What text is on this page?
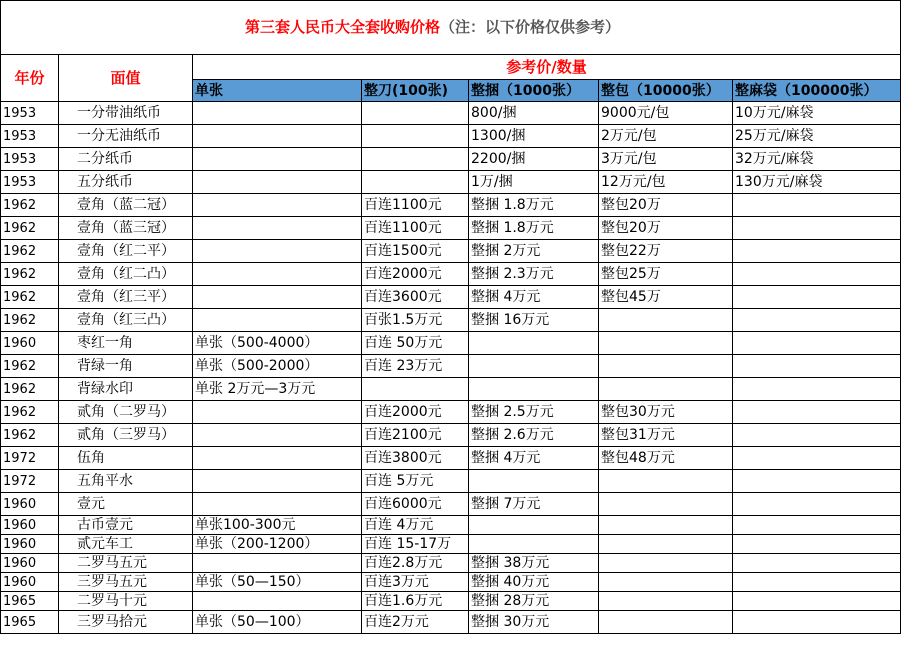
第三套人民币大全套收购价格（注：以下价格仅供参考）						
年份	面值	参考价/数量				
		单张	整刀(100张)	整捆（1000张）	整包（10000张）	整麻袋（100000张）
1953	一分带油纸币			800/捆	9000元/包	10万元/麻袋
1953	一分无油纸币			1300/捆	2万元/包	25万元/麻袋
1953	二分纸币			2200/捆	3万元/包	32万元/麻袋
1953	五分纸币			1万/捆	12万元/包	130万元/麻袋
1962	壹角（蓝二冠）		百连1100元	整捆 1.8万元	整包20万	
1962	壹角（蓝三冠）		百连1100元	整捆 1.8万元	整包20万	
1962	壹角（红二平）		百连1500元	整捆 2万元	整包22万	
1962	壹角（红二凸）		百连2000元	整捆 2.3万元	整包25万	
1962	壹角（红三平）		百连3600元	整捆 4万元	整包45万	
1962	壹角（红三凸）		百张1.5万元	整捆 16万元		
1960	枣红一角	单张（500-4000）	百连 50万元			
1962	背绿一角	单张（500-2000）	百连 23万元			
1962	背绿水印	单张 2万元—3万元				
1962	贰角（二罗马）		百连2000元	整捆 2.5万元	整包30万元	
1962	贰角（三罗马）		百连2100元	整捆 2.6万元	整包31万元	
1972	伍角		百连3800元	整捆 4万元	整包48万元	
1972	五角平水		百连 5万元			
1960	壹元		百连6000元	整捆 7万元		
1960	古币壹元	单张100-300元	百连 4万元			
1960	贰元车工	单张（200-1200）	百连 15-17万			
1960	二罗马五元		百连2.8万元	整捆 38万元		
1960	三罗马五元	单张（50—150）	百连3万元	整捆 40万元		
1965	二罗马十元		百连1.6万元	整捆 28万元		
1965	三罗马拾元	单张（50—100）	百连2万元	整捆 30万元		
